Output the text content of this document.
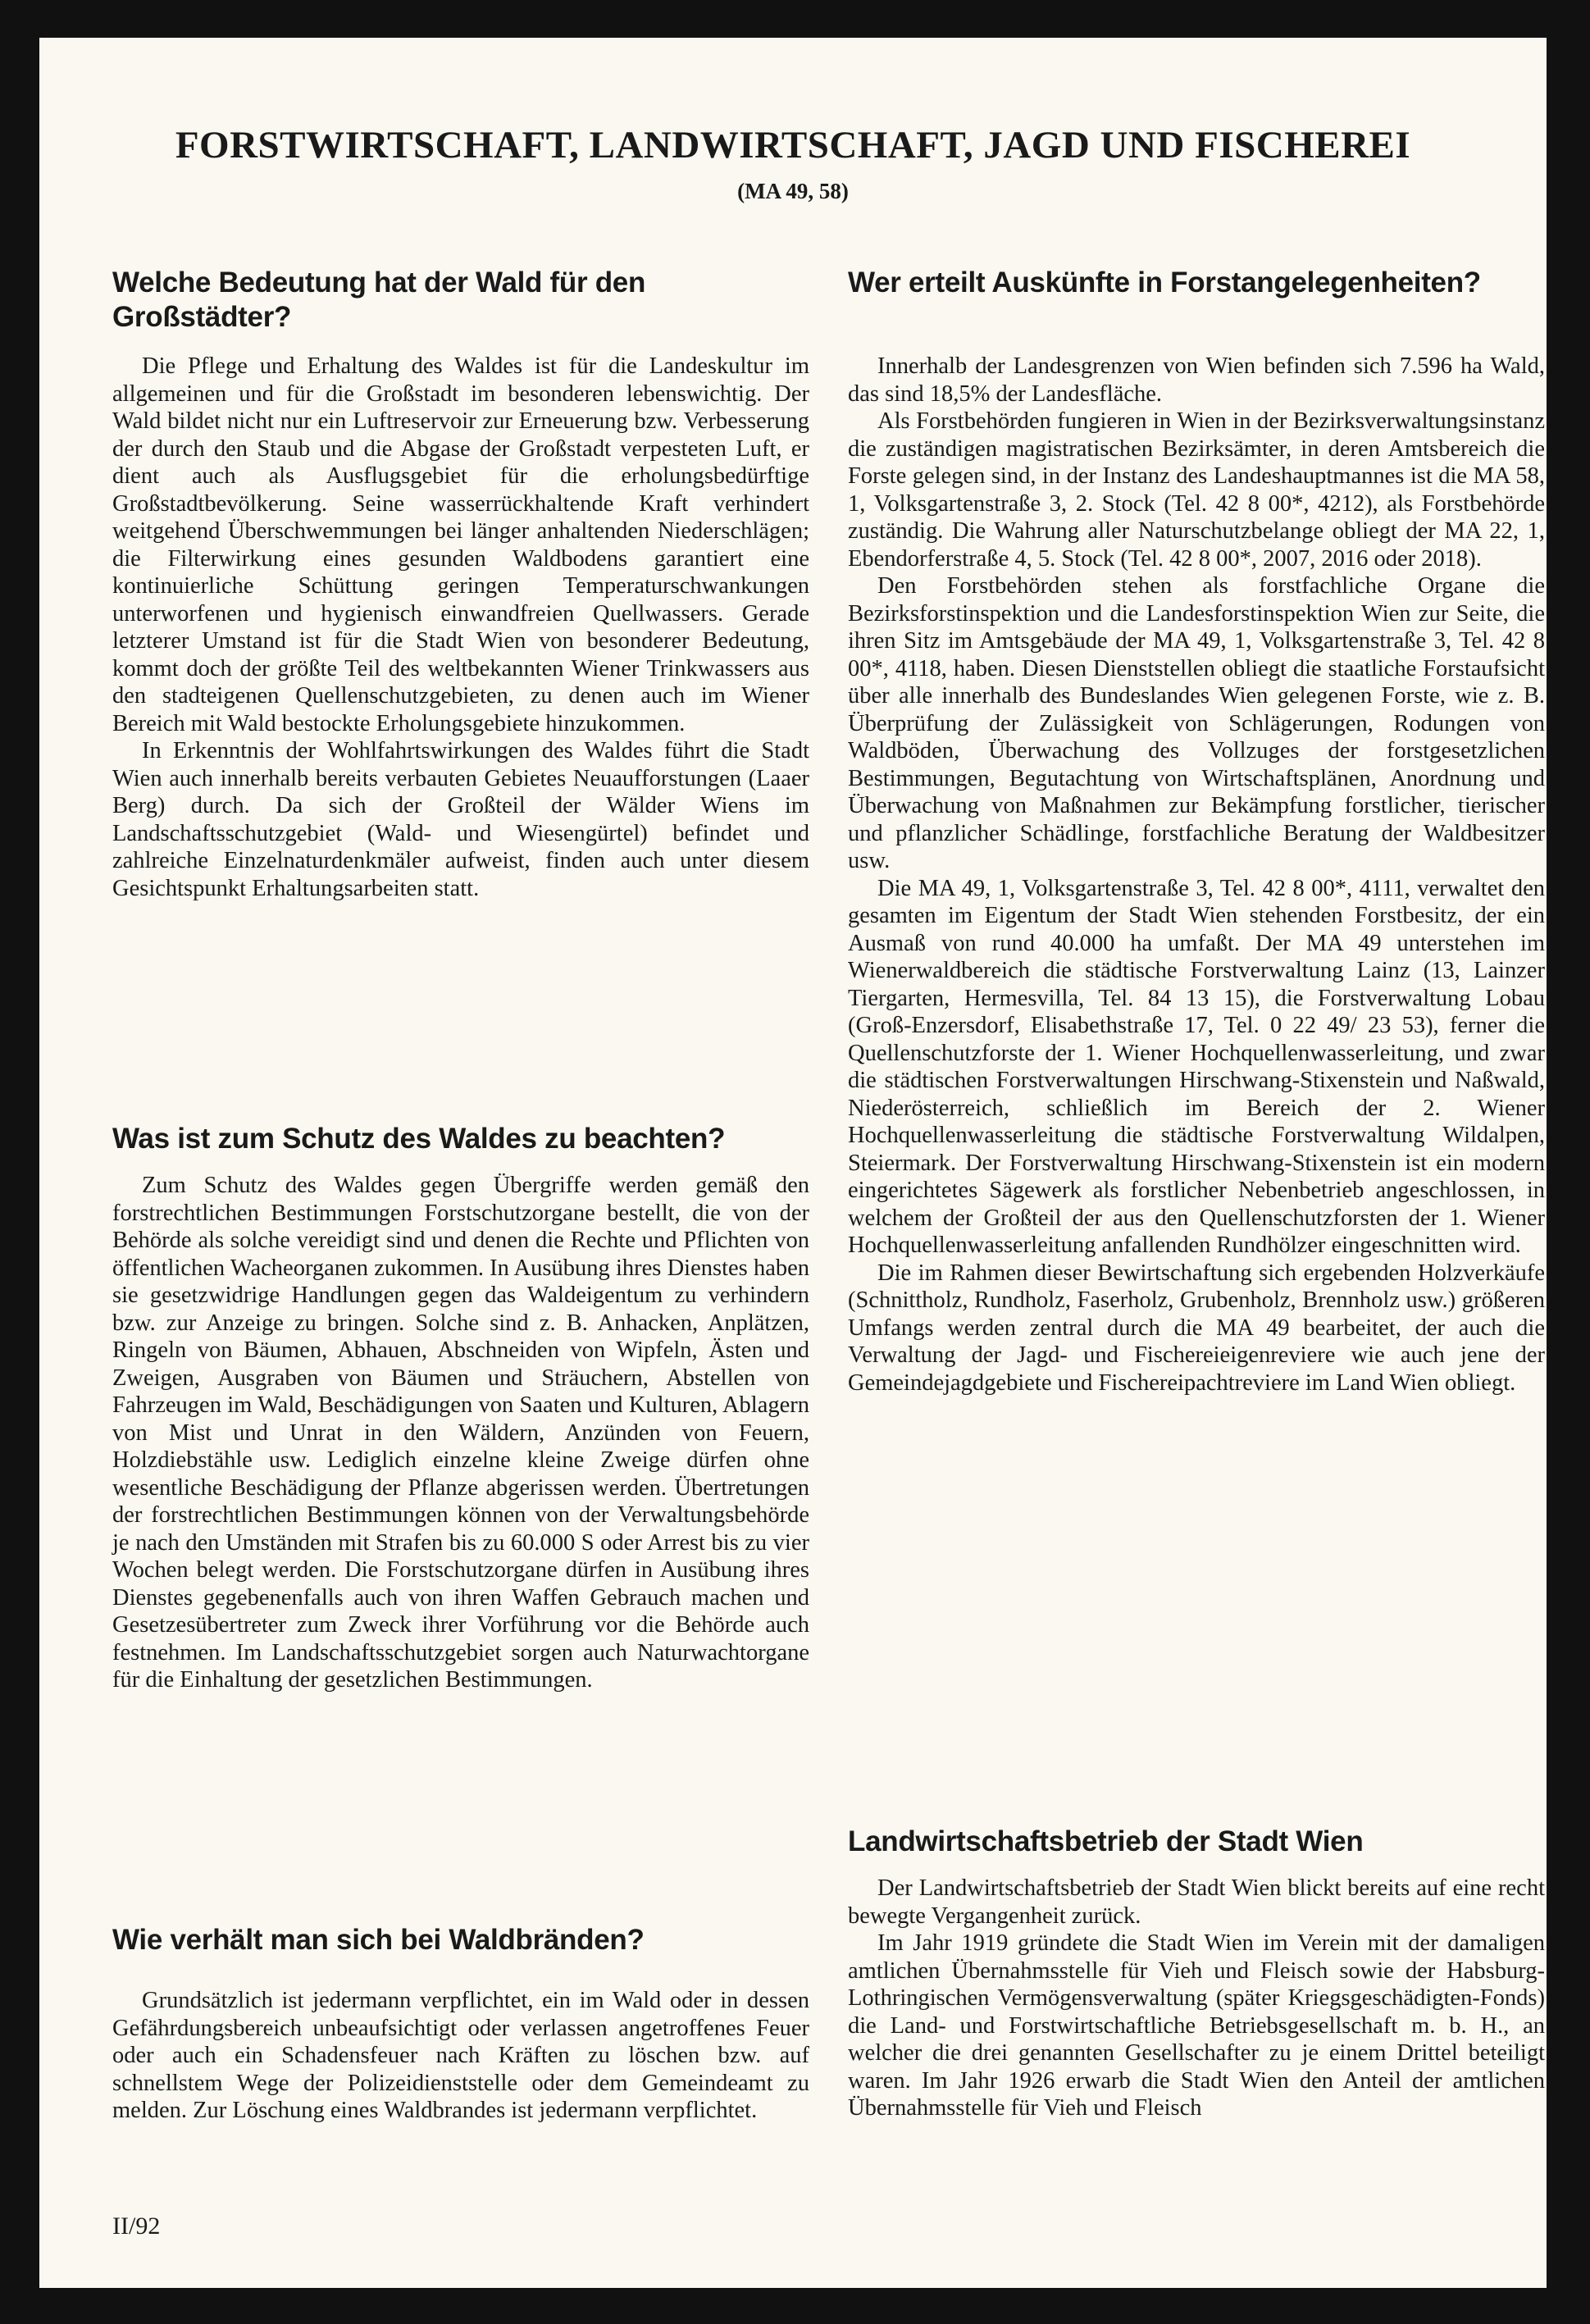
FORSTWIRTSCHAFT, LANDWIRTSCHAFT, JAGD UND FISCHEREI

(MA 49, 58)

Welche Bedeutung hat der Wald für den Großstädter?

Die Pflege und Erhaltung des Waldes ist für die Landeskultur im allgemeinen und für die Großstadt im besonderen lebenswichtig. Der Wald bildet nicht nur ein Luftreservoir zur Erneuerung bzw. Verbesserung der durch den Staub und die Abgase der Großstadt verpesteten Luft, er dient auch als Ausflugsgebiet für die erholungsbedürftige Großstadtbevölkerung. Seine wasserrückhaltende Kraft verhindert weitgehend Überschwemmungen bei länger anhaltenden Niederschlägen; die Filterwirkung eines gesunden Waldbodens garantiert eine kontinuierliche Schüttung geringen Temperaturschwankungen unterworfenen und hygienisch einwandfreien Quellwassers. Gerade letzterer Umstand ist für die Stadt Wien von besonderer Bedeutung, kommt doch der größte Teil des weltbekannten Wiener Trinkwassers aus den stadteigenen Quellenschutzgebieten, zu denen auch im Wiener Bereich mit Wald bestockte Erholungsgebiete hinzukommen.

In Erkenntnis der Wohlfahrtswirkungen des Waldes führt die Stadt Wien auch innerhalb bereits verbauten Gebietes Neuaufforstungen (Laaer Berg) durch. Da sich der Großteil der Wälder Wiens im Landschaftsschutzgebiet (Wald- und Wiesengürtel) befindet und zahlreiche Einzelnaturdenkmäler aufweist, finden auch unter diesem Gesichtspunkt Erhaltungsarbeiten statt.

Was ist zum Schutz des Waldes zu beachten?

Zum Schutz des Waldes gegen Übergriffe werden gemäß den forstrechtlichen Bestimmungen Forstschutzorgane bestellt, die von der Behörde als solche vereidigt sind und denen die Rechte und Pflichten von öffentlichen Wacheorganen zukommen. In Ausübung ihres Dienstes haben sie gesetzwidrige Handlungen gegen das Waldeigentum zu verhindern bzw. zur Anzeige zu bringen. Solche sind z. B. Anhacken, Anplätzen, Ringeln von Bäumen, Abhauen, Abschneiden von Wipfeln, Ästen und Zweigen, Ausgraben von Bäumen und Sträuchern, Abstellen von Fahrzeugen im Wald, Beschädigungen von Saaten und Kulturen, Ablagern von Mist und Unrat in den Wäldern, Anzünden von Feuern, Holzdiebstähle usw. Lediglich einzelne kleine Zweige dürfen ohne wesentliche Beschädigung der Pflanze abgerissen werden. Übertretungen der forstrechtlichen Bestimmungen können von der Verwaltungsbehörde je nach den Umständen mit Strafen bis zu 60.000 S oder Arrest bis zu vier Wochen belegt werden. Die Forstschutzorgane dürfen in Ausübung ihres Dienstes gegebenenfalls auch von ihren Waffen Gebrauch machen und Gesetzesübertreter zum Zweck ihrer Vorführung vor die Behörde auch festnehmen. Im Landschaftsschutzgebiet sorgen auch Naturwachtorgane für die Einhaltung der gesetzlichen Bestimmungen.

Wie verhält man sich bei Waldbränden?

Grundsätzlich ist jedermann verpflichtet, ein im Wald oder in dessen Gefährdungsbereich unbeaufsichtigt oder verlassen angetroffenes Feuer oder auch ein Schadensfeuer nach Kräften zu löschen bzw. auf schnellstem Wege der Polizeidienststelle oder dem Gemeindeamt zu melden. Zur Löschung eines Waldbrandes ist jedermann verpflichtet.

Wer erteilt Auskünfte in Forstangelegenheiten?

Innerhalb der Landesgrenzen von Wien befinden sich 7.596 ha Wald, das sind 18,5% der Landesfläche.

Als Forstbehörden fungieren in Wien in der Bezirksverwaltungsinstanz die zuständigen magistratischen Bezirksämter, in deren Amtsbereich die Forste gelegen sind, in der Instanz des Landeshauptmannes ist die MA 58, 1, Volksgartenstraße 3, 2. Stock (Tel. 42 8 00*, 4212), als Forstbehörde zuständig. Die Wahrung aller Naturschutzbelange obliegt der MA 22, 1, Ebendorferstraße 4, 5. Stock (Tel. 42 8 00*, 2007, 2016 oder 2018).

Den Forstbehörden stehen als forstfachliche Organe die Bezirksforstinspektion und die Landesforstinspektion Wien zur Seite, die ihren Sitz im Amtsgebäude der MA 49, 1, Volksgartenstraße 3, Tel. 42 8 00*, 4118, haben. Diesen Dienststellen obliegt die staatliche Forstaufsicht über alle innerhalb des Bundeslandes Wien gelegenen Forste, wie z. B. Überprüfung der Zulässigkeit von Schlägerungen, Rodungen von Waldböden, Überwachung des Vollzuges der forstgesetzlichen Bestimmungen, Begutachtung von Wirtschaftsplänen, Anordnung und Überwachung von Maßnahmen zur Bekämpfung forstlicher, tierischer und pflanzlicher Schädlinge, forstfachliche Beratung der Waldbesitzer usw.

Die MA 49, 1, Volksgartenstraße 3, Tel. 42 8 00*, 4111, verwaltet den gesamten im Eigentum der Stadt Wien stehenden Forstbesitz, der ein Ausmaß von rund 40.000 ha umfaßt. Der MA 49 unterstehen im Wienerwaldbereich die städtische Forstverwaltung Lainz (13, Lainzer Tiergarten, Hermesvilla, Tel. 84 13 15), die Forstverwaltung Lobau (Groß-Enzersdorf, Elisabethstraße 17, Tel. 0 22 49/ 23 53), ferner die Quellenschutzforste der 1. Wiener Hochquellenwasserleitung, und zwar die städtischen Forstverwaltungen Hirschwang-Stixenstein und Naßwald, Niederösterreich, schließlich im Bereich der 2. Wiener Hochquellenwasserleitung die städtische Forstverwaltung Wildalpen, Steiermark. Der Forstverwaltung Hirschwang-Stixenstein ist ein modern eingerichtetes Sägewerk als forstlicher Nebenbetrieb angeschlossen, in welchem der Großteil der aus den Quellenschutzforsten der 1. Wiener Hochquellenwasserleitung anfallenden Rundhölzer eingeschnitten wird.

Die im Rahmen dieser Bewirtschaftung sich ergebenden Holzverkäufe (Schnittholz, Rundholz, Faserholz, Grubenholz, Brennholz usw.) größeren Umfangs werden zentral durch die MA 49 bearbeitet, der auch die Verwaltung der Jagd- und Fischereieigenreviere wie auch jene der Gemeindejagdgebiete und Fischereipachtreviere im Land Wien obliegt.

Landwirtschaftsbetrieb der Stadt Wien

Der Landwirtschaftsbetrieb der Stadt Wien blickt bereits auf eine recht bewegte Vergangenheit zurück.

Im Jahr 1919 gründete die Stadt Wien im Verein mit der damaligen amtlichen Übernahmsstelle für Vieh und Fleisch sowie der Habsburg-Lothringischen Vermögensverwaltung (später Kriegsgeschädigten-Fonds) die Land- und Forstwirtschaftliche Betriebsgesellschaft m. b. H., an welcher die drei genannten Gesellschafter zu je einem Drittel beteiligt waren. Im Jahr 1926 erwarb die Stadt Wien den Anteil der amtlichen Übernahmsstelle für Vieh und Fleisch

II/92
